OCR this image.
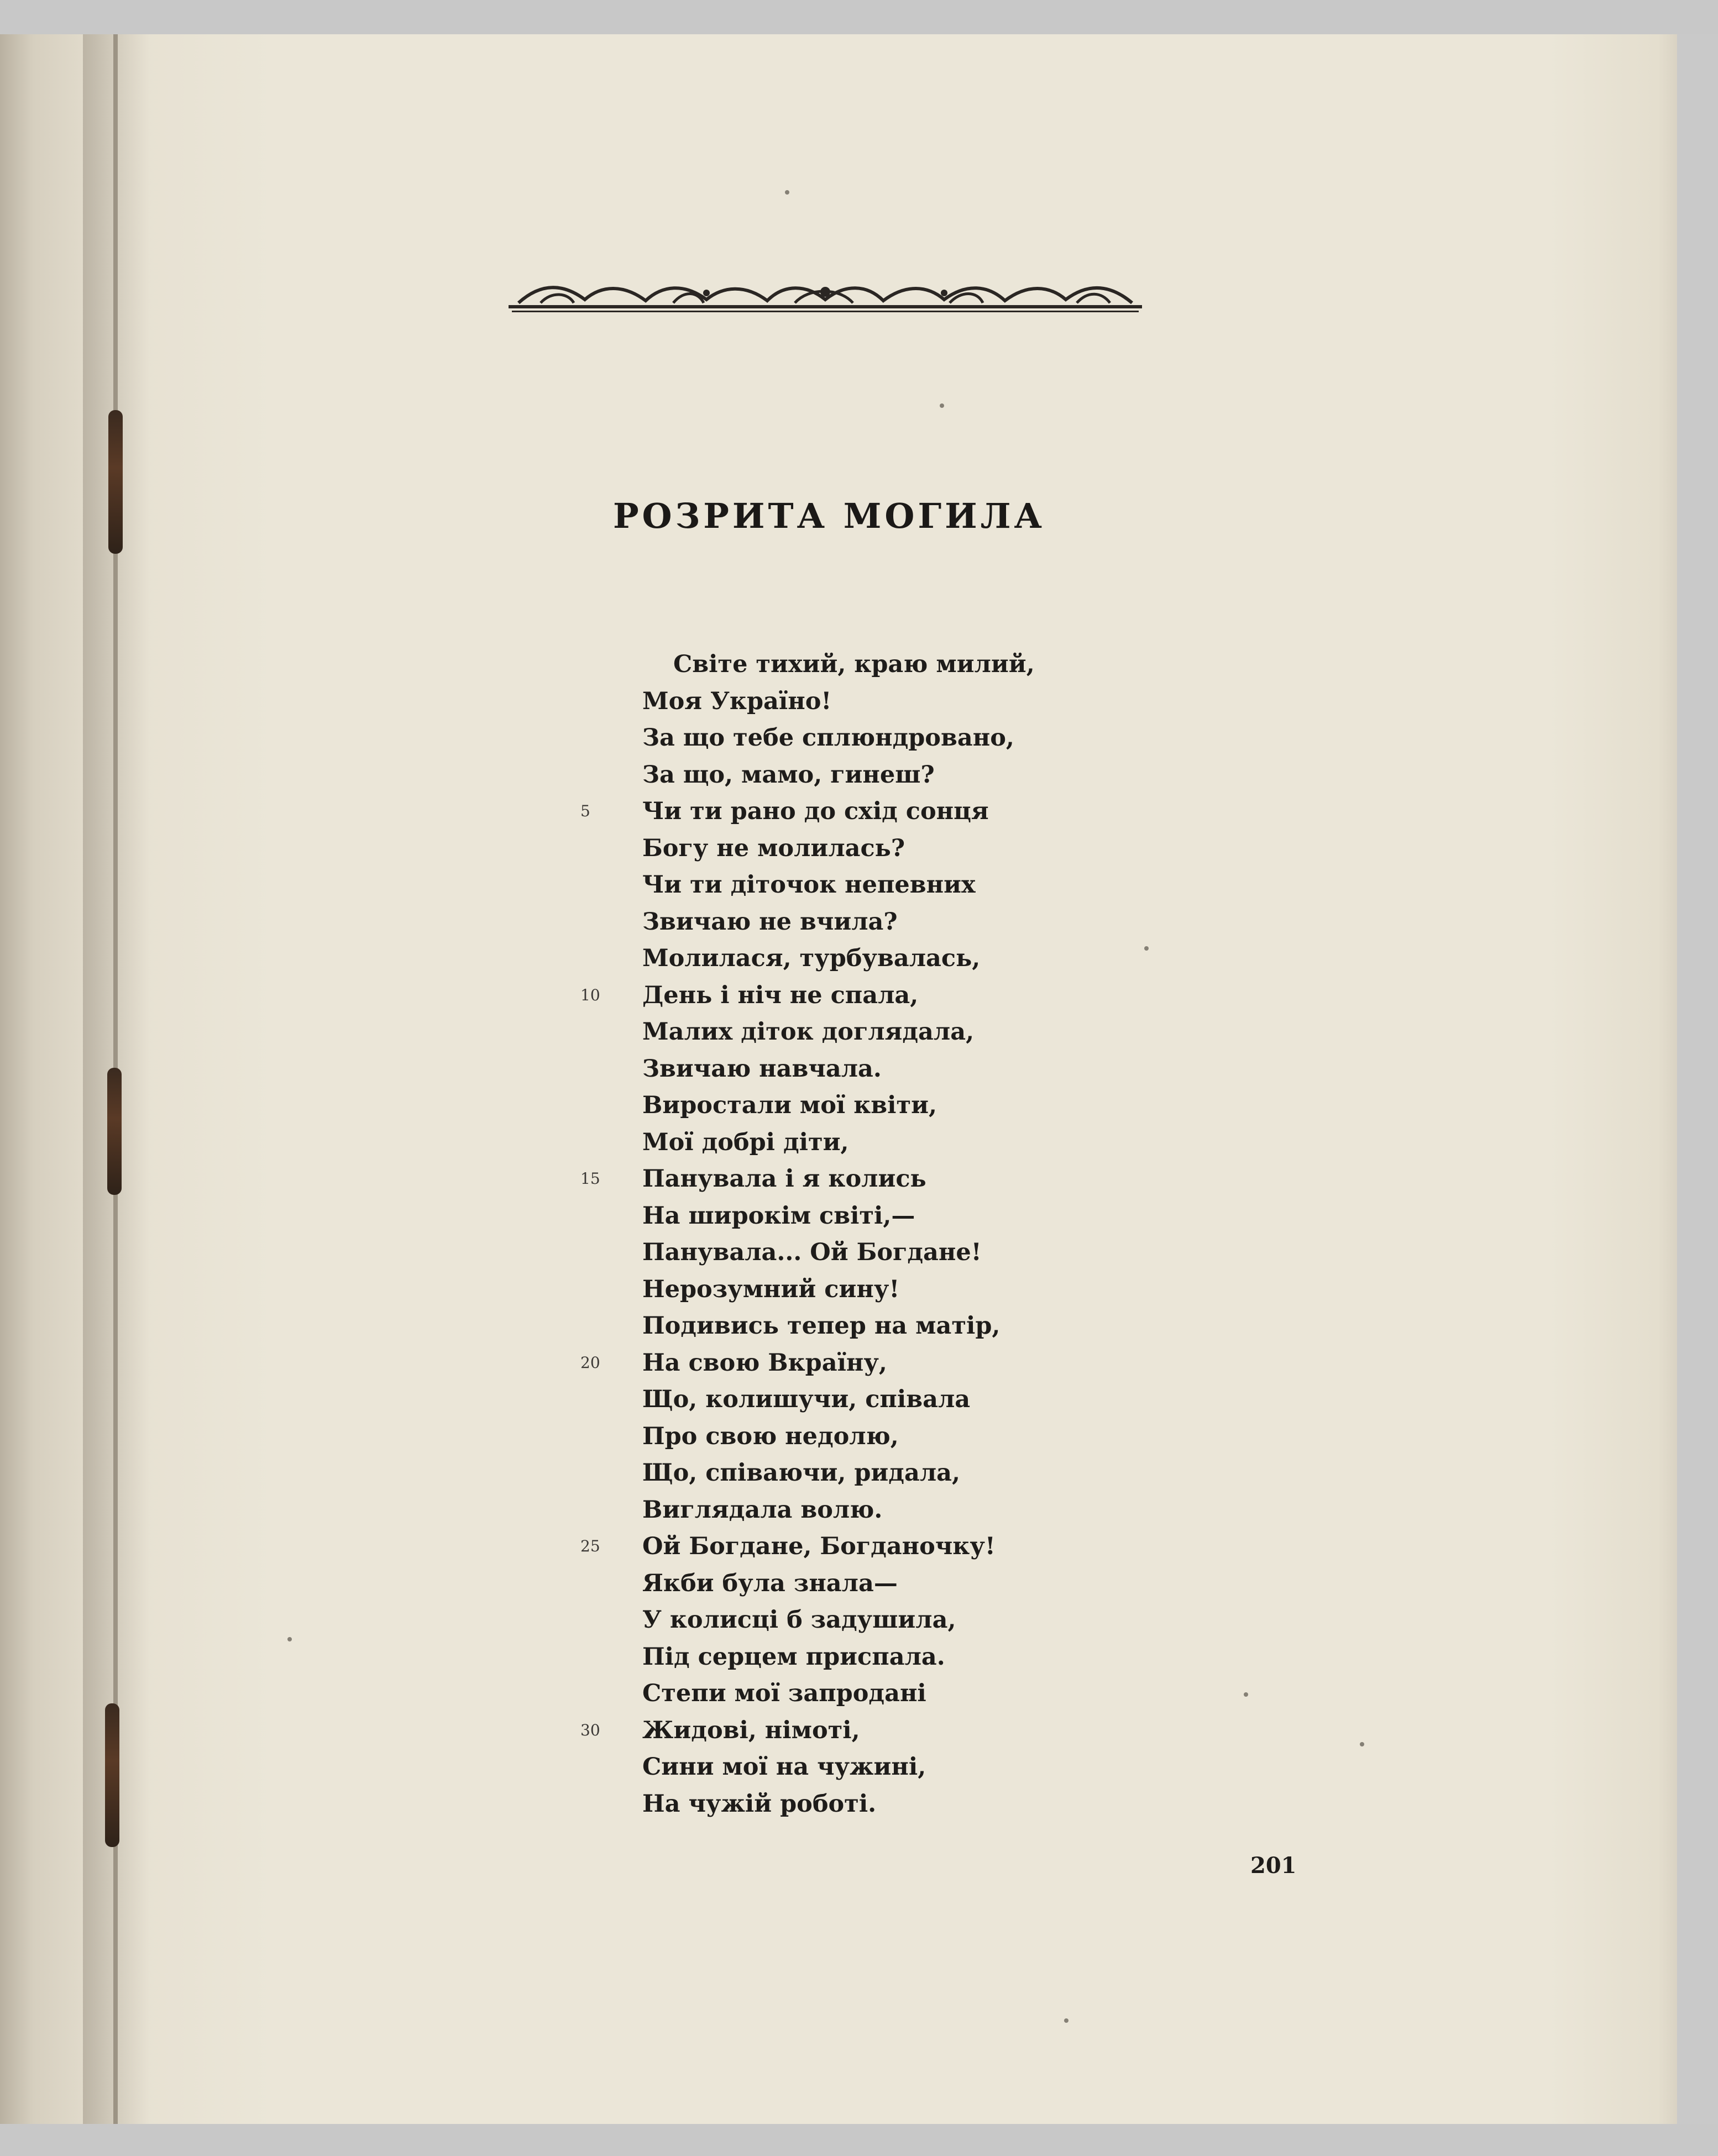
РОЗРИТА МОГИЛА
Світе тихий, краю милий,
Моя Україно!
За що тебе сплюндровано,
За що, мамо, гинеш?
5	Чи ти рано до схід сонця
Богу не молилась?
Чи ти діточок непевних
Звичаю не вчила?
Молилася, турбувалась,
10	День і ніч не спала,
Малих діток доглядала,
Звичаю навчала.
Виростали мої квіти,
Мої добрі діти,
15	Панувала і я колись
На широкім світі,—
Панувала... Ой Богдане!
Нерозумний сину!
Подивись тепер на матір,
20	На свою Вкраїну,
Що, колишучи, співала
Про свою недолю,
Що, співаючи, ридала,
Виглядала волю.
25	Ой Богдане, Богданочку!
Якби була знала—
У колисці б задушила,
Під серцем приспала.
Степи мої запродані
30	Жидові, німоті,
Сини мої на чужині,
На чужій роботі.
201
